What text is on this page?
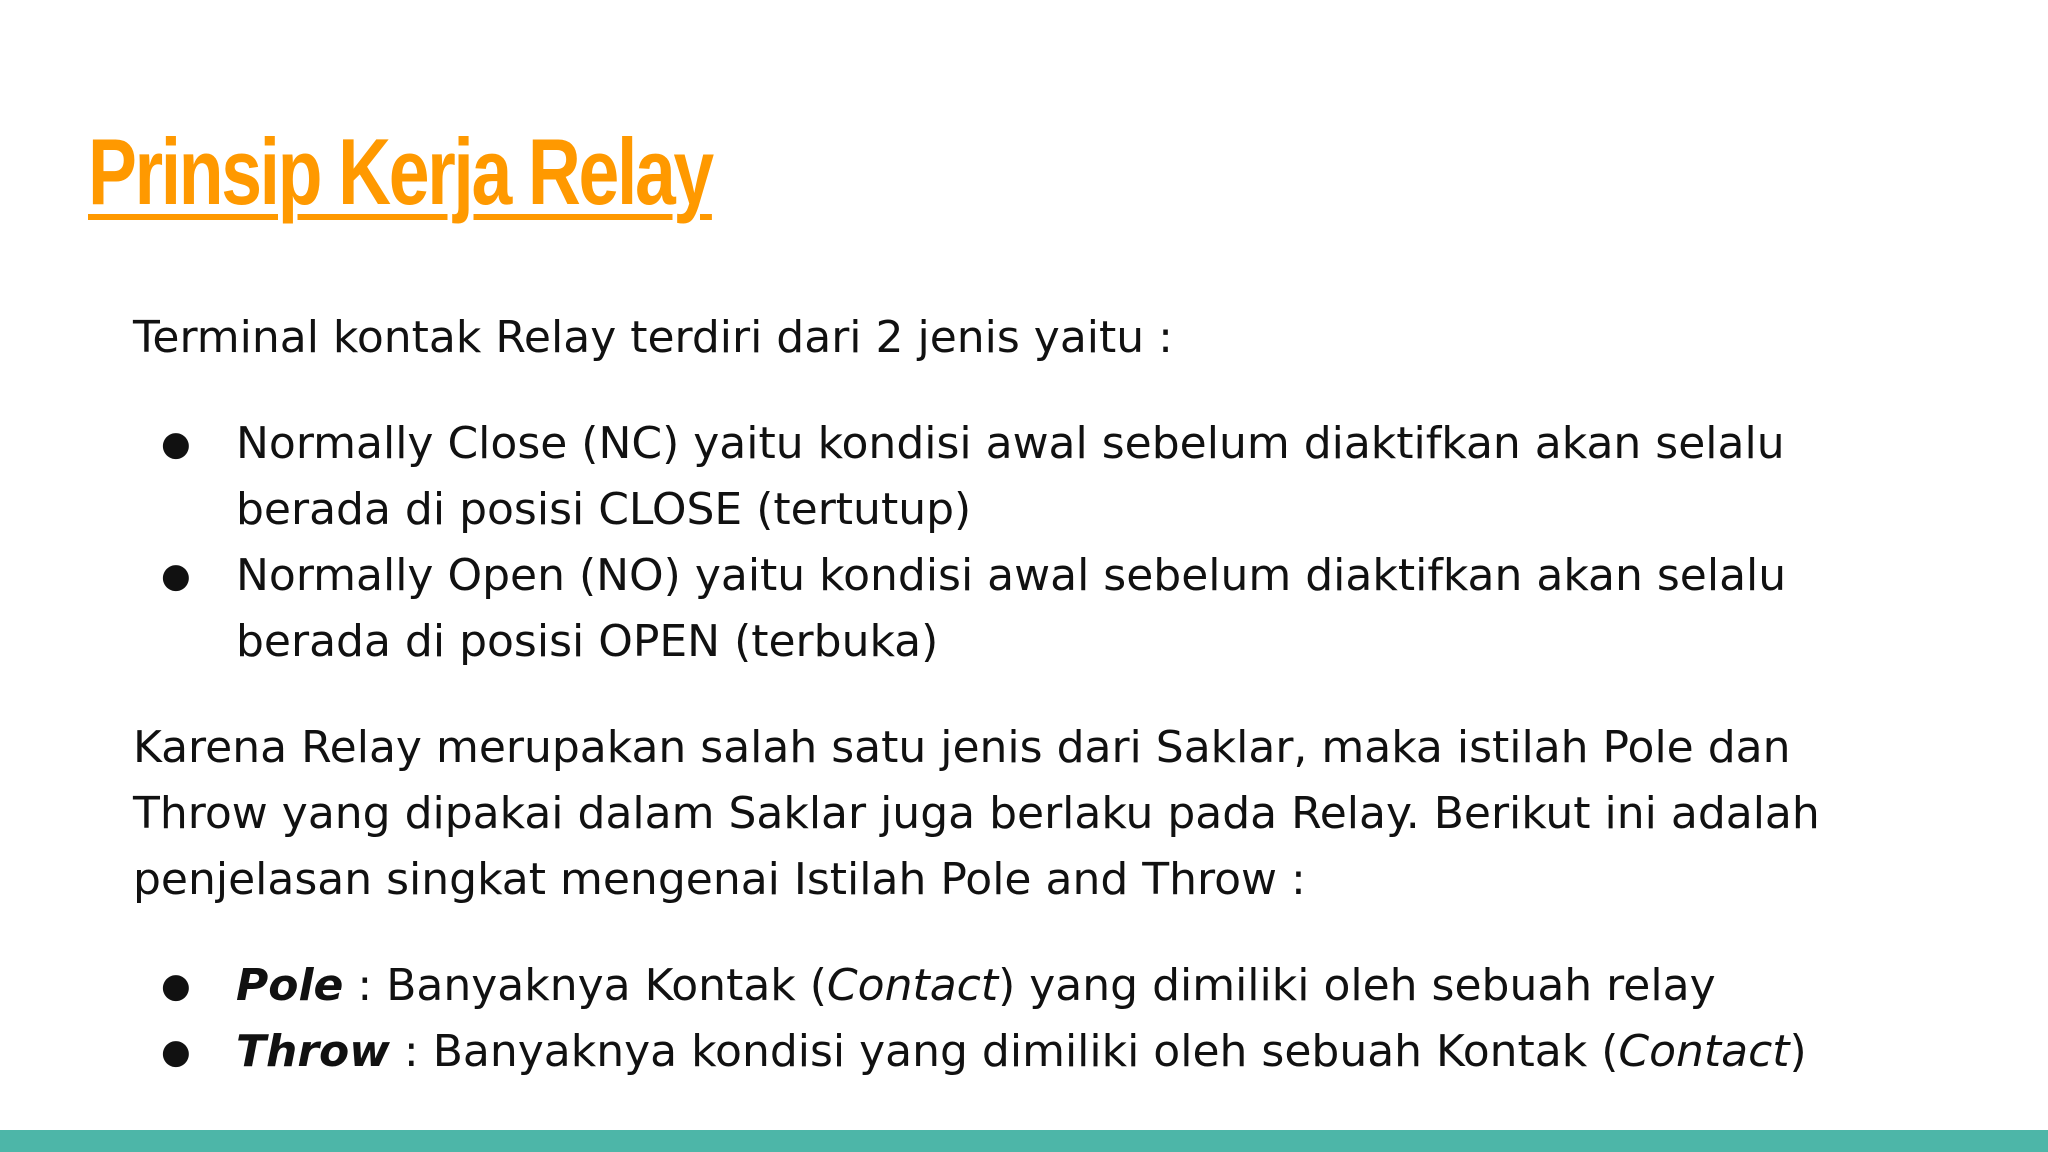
Prinsip Kerja Relay

Terminal kontak Relay terdiri dari 2 jenis yaitu :

● Normally Close (NC) yaitu kondisi awal sebelum diaktifkan akan selalu berada di posisi CLOSE (tertutup)
● Normally Open (NO) yaitu kondisi awal sebelum diaktifkan akan selalu berada di posisi OPEN (terbuka)

Karena Relay merupakan salah satu jenis dari Saklar, maka istilah Pole dan Throw yang dipakai dalam Saklar juga berlaku pada Relay. Berikut ini adalah penjelasan singkat mengenai Istilah Pole and Throw :

● Pole : Banyaknya Kontak (Contact) yang dimiliki oleh sebuah relay
● Throw : Banyaknya kondisi yang dimiliki oleh sebuah Kontak (Contact)
